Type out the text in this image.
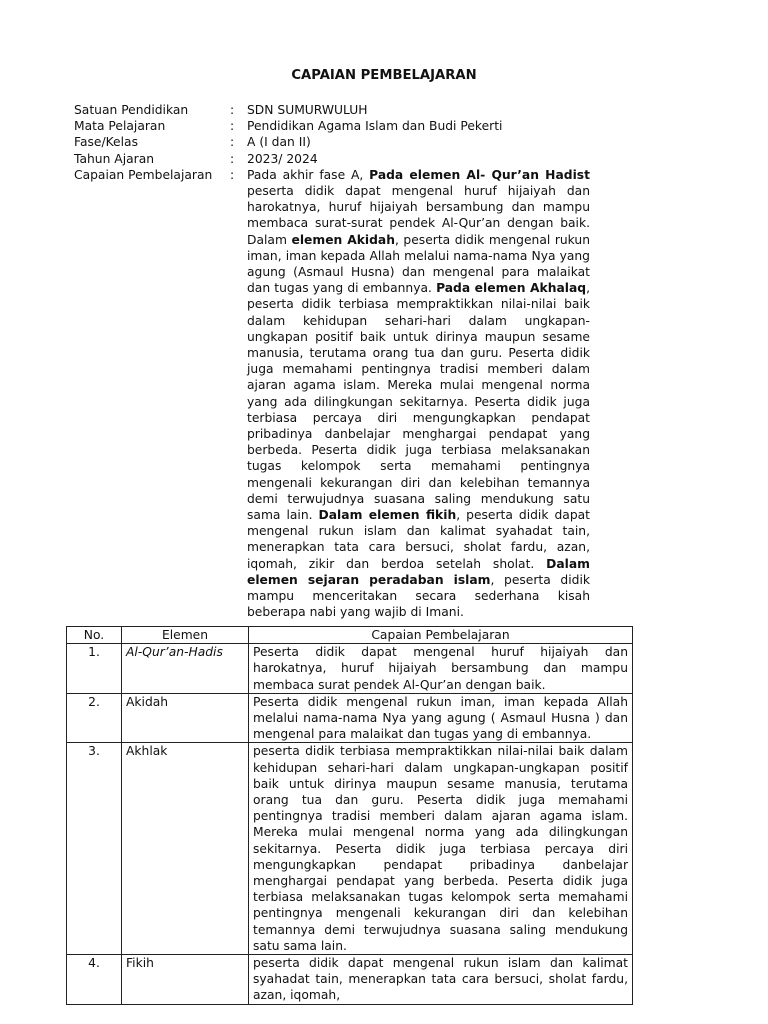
CAPAIAN PEMBELAJARAN
Satuan Pendidikan	:	SDN SUMURWULUH
Mata Pelajaran	:	Pendidikan Agama Islam dan Budi Pekerti
Fase/Kelas	:	A (I dan II)
Tahun Ajaran	:	2023/ 2024
Capaian Pembelajaran	:	Pada akhir fase A, Pada elemen Al- Qur’an Hadist peserta didik dapat mengenal huruf hijaiyah dan harokatnya, huruf hijaiyah bersambung dan mampu membaca surat-surat pendek Al-Qur’an dengan baik. Dalam elemen Akidah, peserta didik mengenal rukun iman, iman kepada Allah melalui nama-nama Nya yang agung (Asmaul Husna) dan mengenal para malaikat dan tugas yang di embannya. Pada elemen Akhalaq, peserta didik terbiasa mempraktikkan nilai-nilai baik dalam kehidupan sehari-hari dalam ungkapan-ungkapan positif baik untuk dirinya maupun sesame manusia, terutama orang tua dan guru. Peserta didik juga memahami pentingnya tradisi memberi dalam ajaran agama islam. Mereka mulai mengenal norma yang ada dilingkungan sekitarnya. Peserta didik juga terbiasa percaya diri mengungkapkan pendapat pribadinya danbelajar menghargai pendapat yang berbeda. Peserta didik juga terbiasa melaksanakan tugas kelompok serta memahami pentingnya mengenali kekurangan diri dan kelebihan temannya demi terwujudnya suasana saling mendukung satu sama lain. Dalam elemen fikih, peserta didik dapat mengenal rukun islam dan kalimat syahadat tain, menerapkan tata cara bersuci, sholat fardu, azan, iqomah, zikir dan berdoa setelah sholat. Dalam elemen sejaran peradaban islam, peserta didik mampu menceritakan secara sederhana kisah beberapa nabi yang wajib di Imani.
No.	Elemen	Capaian Pembelajaran
1.	Al-Qur’an-Hadis	Peserta didik dapat mengenal huruf hijaiyah dan harokatnya, huruf hijaiyah bersambung dan mampu membaca surat pendek Al-Qur’an dengan baik.
2.	Akidah	Peserta didik mengenal rukun iman, iman kepada Allah melalui nama-nama Nya yang agung ( Asmaul Husna ) dan mengenal para malaikat dan tugas yang di embannya.
3.	Akhlak	peserta didik terbiasa mempraktikkan nilai-nilai baik dalam kehidupan sehari-hari dalam ungkapan-ungkapan positif baik untuk dirinya maupun sesame manusia, terutama orang tua dan guru. Peserta didik juga memahami pentingnya tradisi memberi dalam ajaran agama islam. Mereka mulai mengenal norma yang ada dilingkungan sekitarnya. Peserta didik juga terbiasa percaya diri mengungkapkan pendapat pribadinya danbelajar menghargai pendapat yang berbeda. Peserta didik juga terbiasa melaksanakan tugas kelompok serta memahami pentingnya mengenali kekurangan diri dan kelebihan temannya demi terwujudnya suasana saling mendukung satu sama lain.
4.	Fikih	peserta didik dapat mengenal rukun islam dan kalimat syahadat tain, menerapkan tata cara bersuci, sholat fardu, azan, iqomah,
